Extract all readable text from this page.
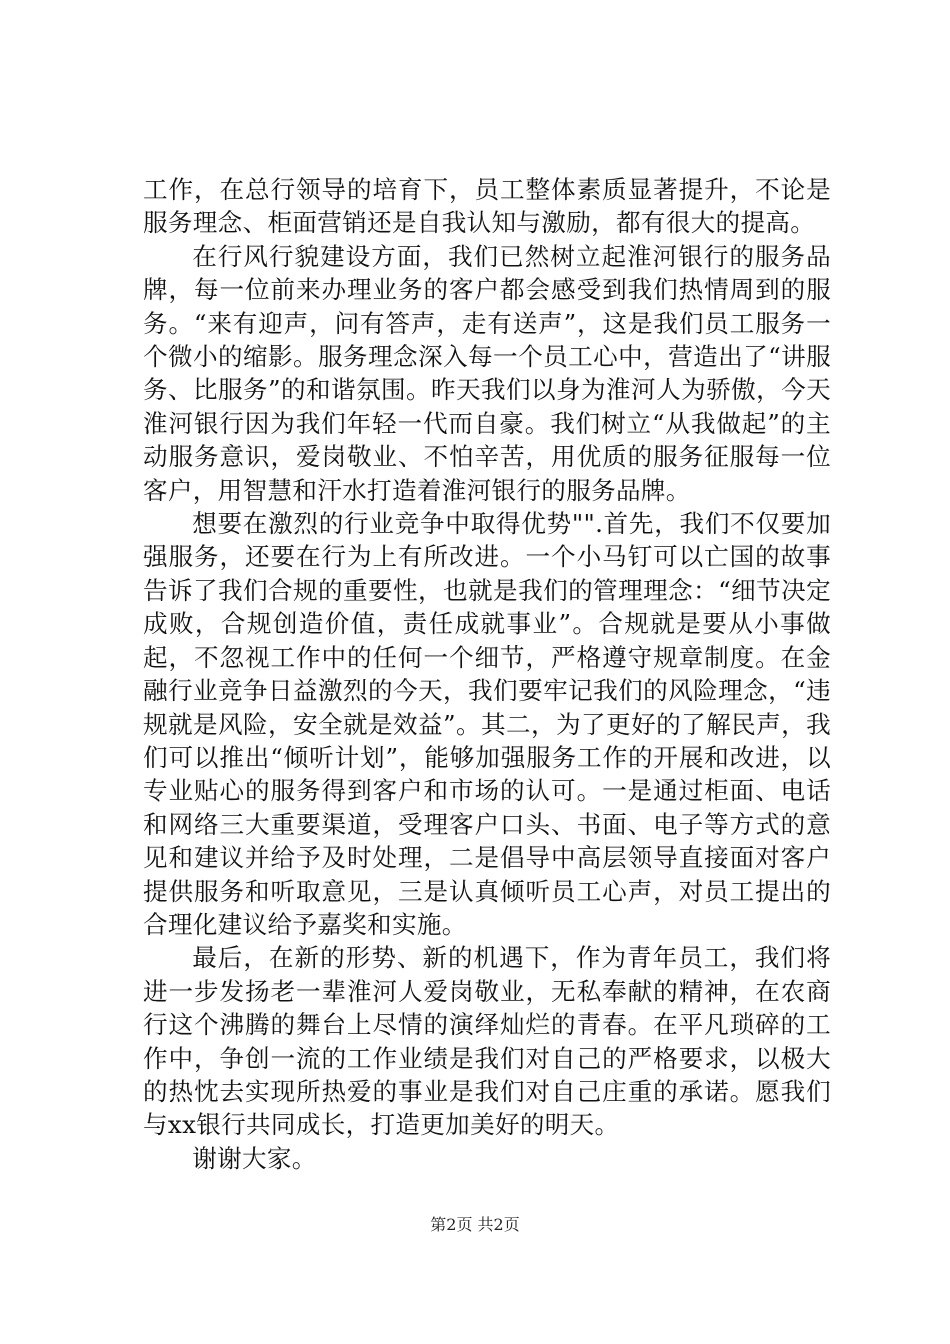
工作，在总行领导的培育下，员工整体素质显著提升，不论是服务理念、柜面营销还是自我认知与激励，都有很大的提高。

在行风行貌建设方面，我们已然树立起淮河银行的服务品牌，每一位前来办理业务的客户都会感受到我们热情周到的服务。“来有迎声，问有答声，走有送声”，这是我们员工服务一个微小的缩影。服务理念深入每一个员工心中，营造出了“讲服务、比服务”的和谐氛围。昨天我们以身为淮河人为骄傲，今天淮河银行因为我们年轻一代而自豪。我们树立“从我做起”的主动服务意识，爱岗敬业、不怕辛苦，用优质的服务征服每一位客户，用智慧和汗水打造着淮河银行的服务品牌。

想要在激烈的行业竞争中取得优势"".首先，我们不仅要加强服务，还要在行为上有所改进。一个小马钉可以亡国的故事告诉了我们合规的重要性，也就是我们的管理理念：“细节决定成败，合规创造价值，责任成就事业”。合规就是要从小事做起，不忽视工作中的任何一个细节，严格遵守规章制度。在金融行业竞争日益激烈的今天，我们要牢记我们的风险理念，“违规就是风险，安全就是效益”。其二，为了更好的了解民声，我们可以推出“倾听计划”，能够加强服务工作的开展和改进，以专业贴心的服务得到客户和市场的认可。一是通过柜面、电话和网络三大重要渠道，受理客户口头、书面、电子等方式的意见和建议并给予及时处理，二是倡导中高层领导直接面对客户提供服务和听取意见，三是认真倾听员工心声，对员工提出的合理化建议给予嘉奖和实施。

最后，在新的形势、新的机遇下，作为青年员工，我们将进一步发扬老一辈淮河人爱岗敬业，无私奉献的精神，在农商行这个沸腾的舞台上尽情的演绎灿烂的青春。在平凡琐碎的工作中，争创一流的工作业绩是我们对自己的严格要求，以极大的热忱去实现所热爱的事业是我们对自己庄重的承诺。愿我们与xx银行共同成长，打造更加美好的明天。

谢谢大家。

第2页 共2页
